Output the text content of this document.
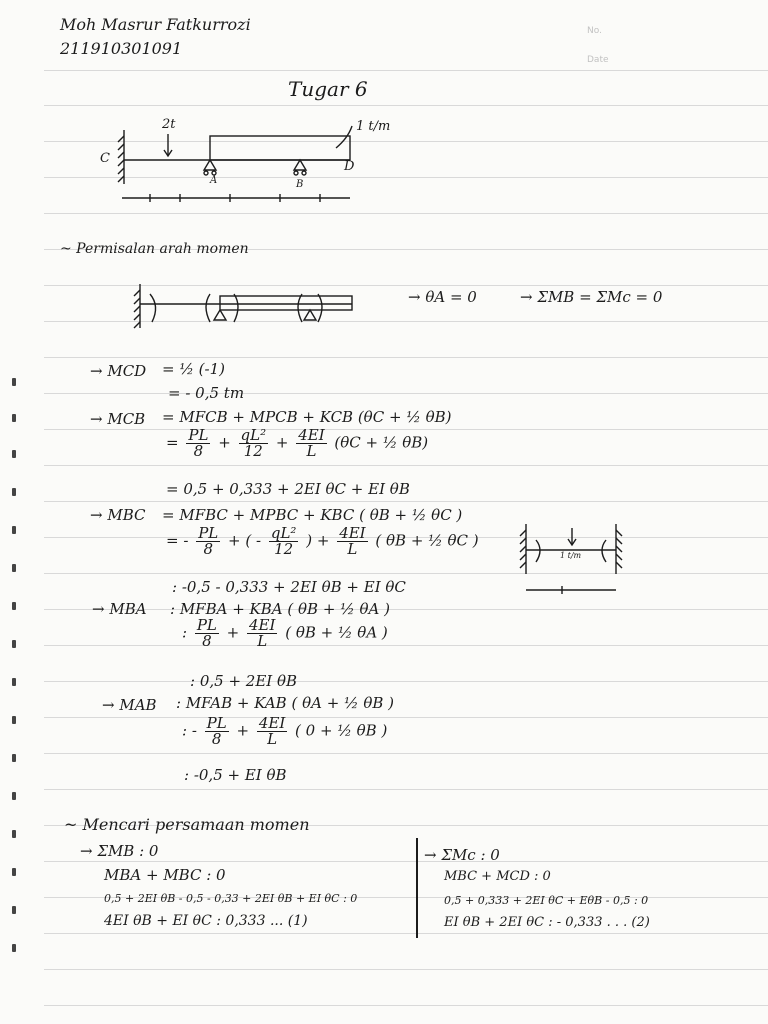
Moh Masrur Fatkurrozi
211910301091
No.
Date
Tugar 6
2t	1 t/m
C
A	B
D
~ Permisalan arah momen
→ θA = 0	→ ΣMB = ΣMc = 0
→ MCD = ½ (-1)
= - 0,5 tm
→ MCB = MFCB + MPCB + KCB (θC + ½ θB)
= $\frac{PL}{8} + \frac{\text{qL²}}{12} + \frac{4EI}{L} (\theta C$ + ½ θB)
= 0,5 + 0,333 + 2EI θC + EI θB
→ MBC = MFBC + MPBC + KBC ( θB + ½ θC )
= - $\frac{PL}{8}$ + ( - $\frac{\text{qL²}}{12}$ ) + $\frac{4EI}{L}$ ( θB + ½ θC )
: -0,5 - 0,333 + 2EI θB + EI θC
1 t/m
→ MBA : MFBA + KBA ( θB + ½ θA )
: $\frac{PL}{8} + \frac{4EI}{L}$ ( θB + ½ θA )
: 0,5 + 2EI θB
→ MAB : MFAB + KAB ( θA + ½ θB )
: - $\frac{PL}{8} + \frac{4EI}{L}$ ( 0 + ½ θB )
: -0,5 + EI θB
~ Mencari persamaan momen
→ ΣMB : 0
MBA + MBC : 0
0,5 + 2EI θB - 0,5 - 0,33 + 2EI θB + EI θC : 0
4EI θB + EI θC : 0,333 ... (1)
→ ΣMc : 0
MBC + MCD : 0
0,5 + 0,333 + 2EI θC + EθB - 0,5 : 0
EI θB + 2EI θC : - 0,333 . . . (2)
